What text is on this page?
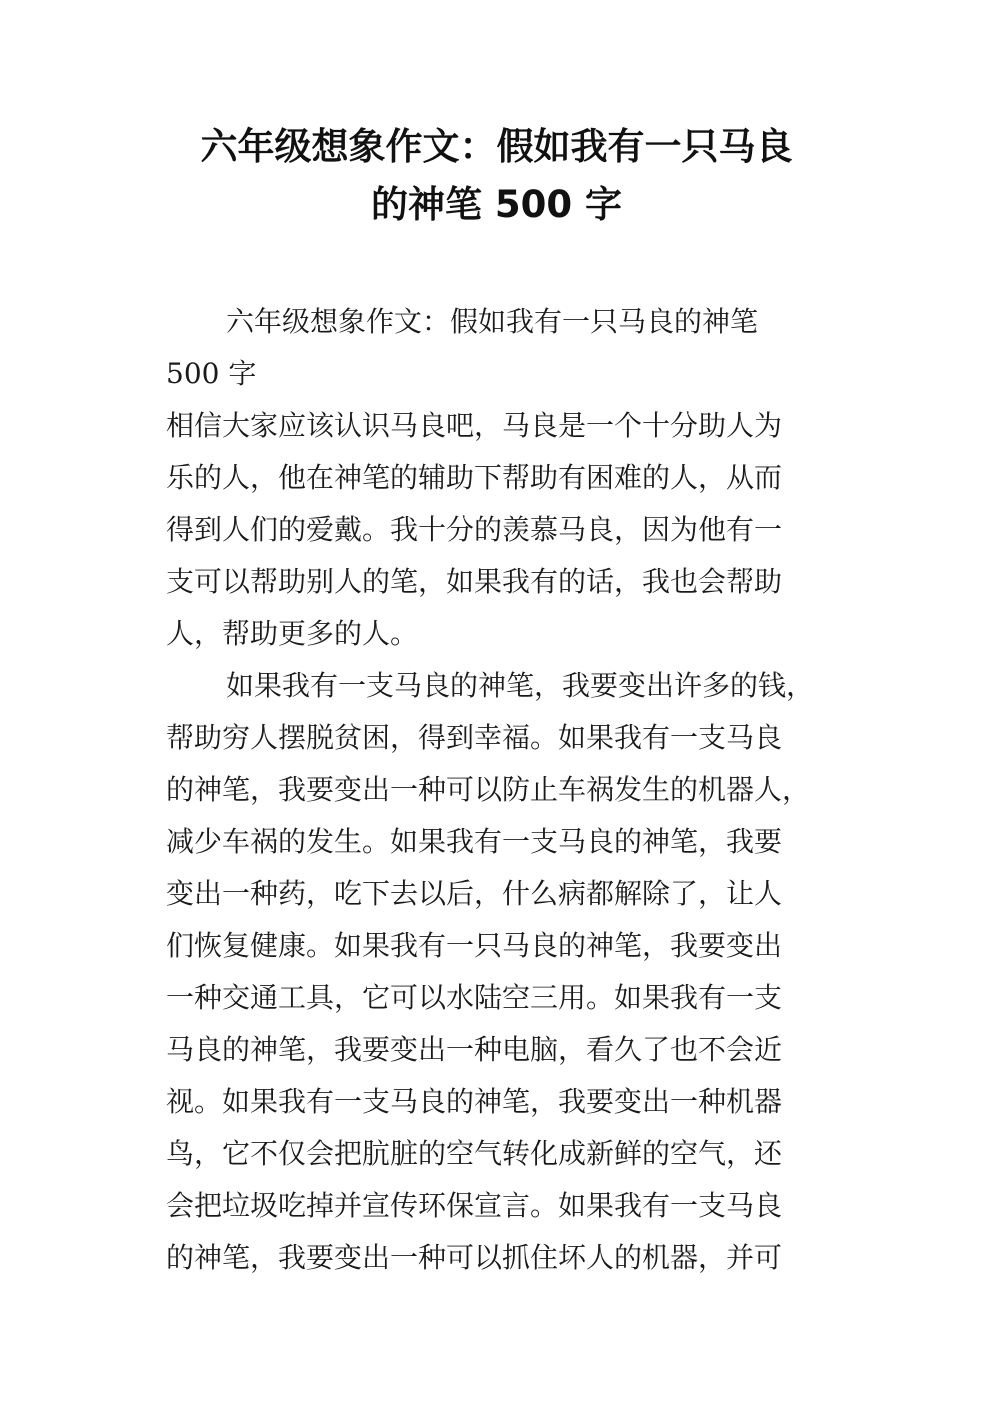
六年级想象作文：假如我有一只马良
的神笔 500 字
六年级想象作文：假如我有一只马良的神笔
500 字
相信大家应该认识马良吧，马良是一个十分助人为
乐的人，他在神笔的辅助下帮助有困难的人，从而
得到人们的爱戴。我十分的羡慕马良，因为他有一
支可以帮助别人的笔，如果我有的话，我也会帮助
人，帮助更多的人。
如果我有一支马良的神笔，我要变出许多的钱，
帮助穷人摆脱贫困，得到幸福。如果我有一支马良
的神笔，我要变出一种可以防止车祸发生的机器人，
减少车祸的发生。如果我有一支马良的神笔，我要
变出一种药，吃下去以后，什么病都解除了，让人
们恢复健康。如果我有一只马良的神笔，我要变出
一种交通工具，它可以水陆空三用。如果我有一支
马良的神笔，我要变出一种电脑，看久了也不会近
视。如果我有一支马良的神笔，我要变出一种机器
鸟，它不仅会把肮脏的空气转化成新鲜的空气，还
会把垃圾吃掉并宣传环保宣言。如果我有一支马良
的神笔，我要变出一种可以抓住坏人的机器，并可
